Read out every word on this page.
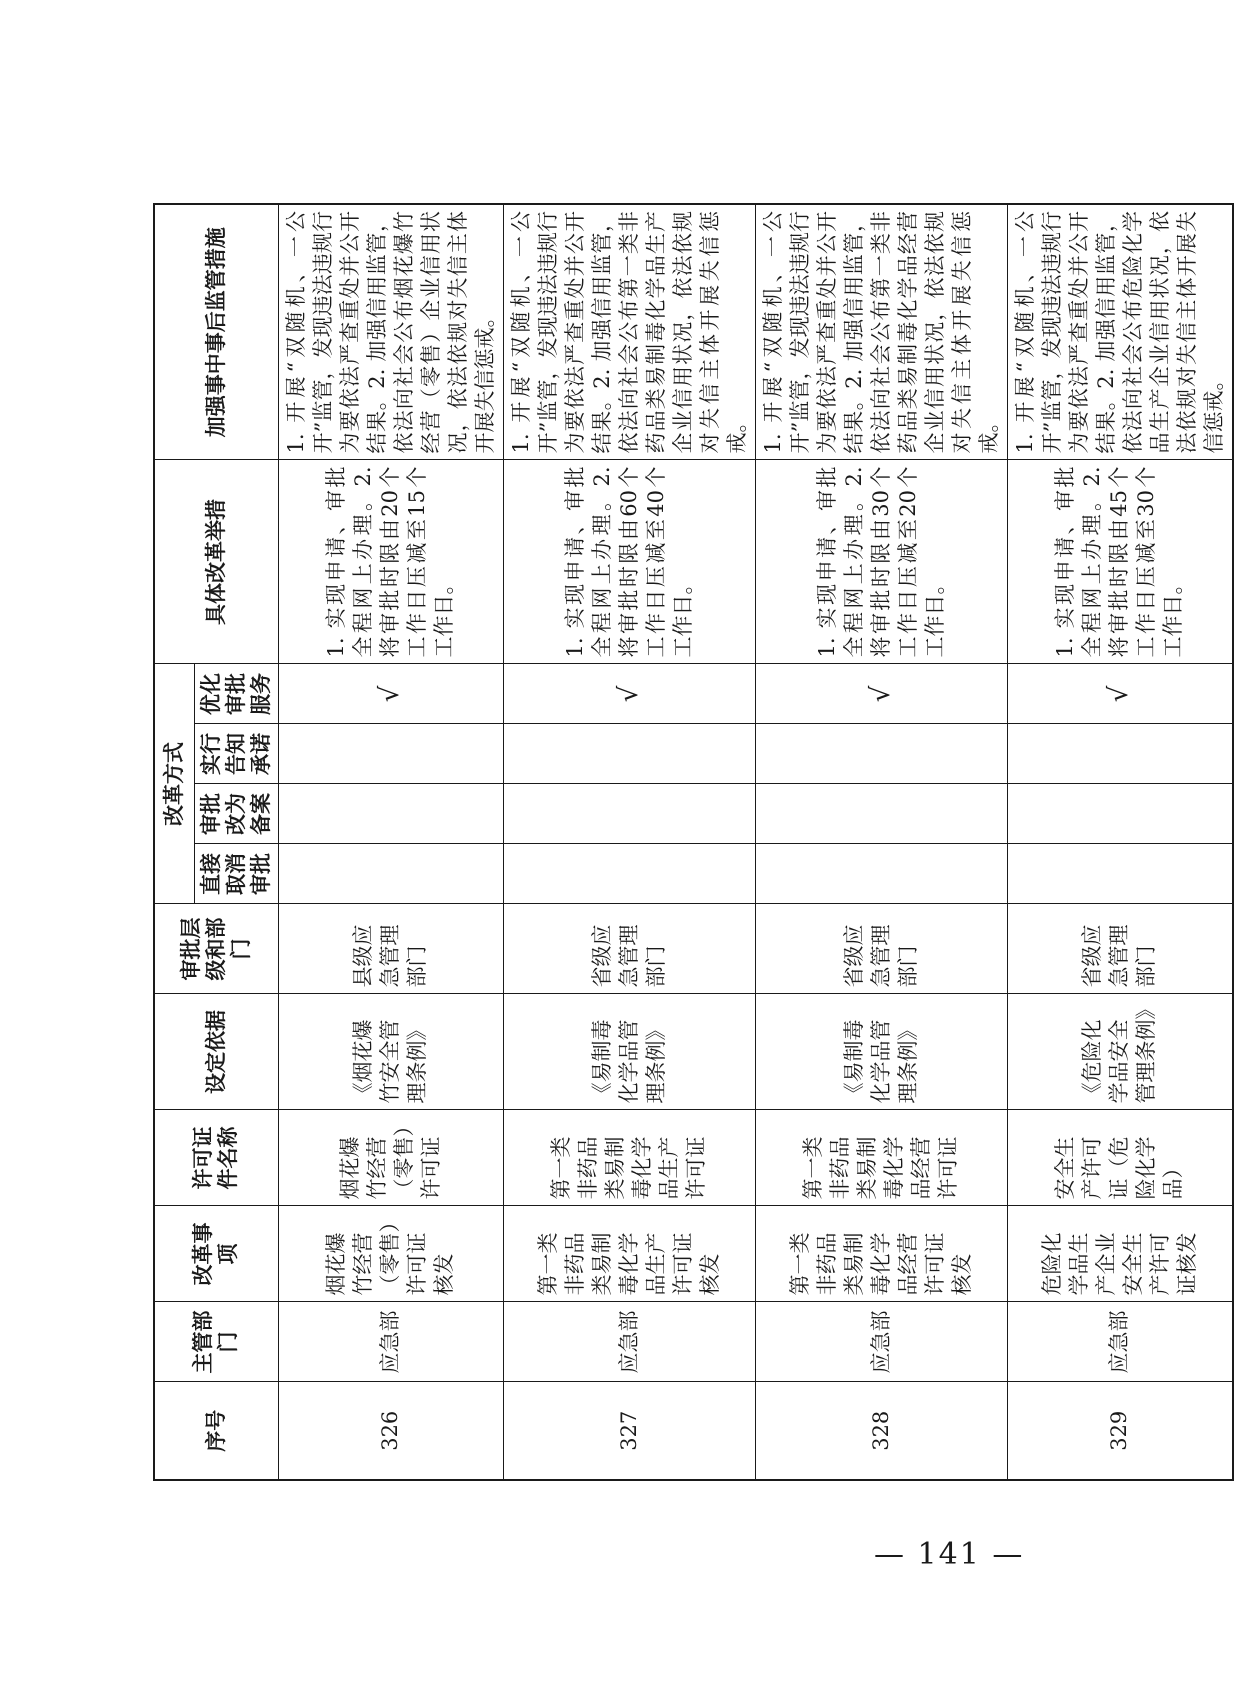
序号	主管部门	改革事项	许可证件名称	设定依据	审批层级和部门	改革方式				具体改革举措	加强事中事后监管措施
						直接取消审批	审批改为备案	实行告知承诺	优化审批服务		
326	应急部	烟花爆竹经营（零售）许可证核发	烟花爆竹经营（零售）许可证	《烟花爆竹安全管理条例》	县级应急管理部门				√	1. 实现申请、审批全程网上办理。2. 将审批时限由20个工作日压减至15个工作日。	1. 开展“双随机、一公开”监管，发现违法违规行为要依法严查重处并公开结果。2. 加强信用监管，依法向社会公布烟花爆竹经营（零售）企业信用状况，依法依规对失信主体开展失信惩戒。
327	应急部	第一类非药品类易制毒化学品生产许可证核发	第一类非药品类易制毒化学品生产许可证	《易制毒化学品管理条例》	省级应急管理部门				√	1. 实现申请、审批全程网上办理。2. 将审批时限由60个工作日压减至40个工作日。	1. 开展“双随机、一公开”监管，发现违法违规行为要依法严查重处并公开结果。2. 加强信用监管，依法向社会公布第一类非药品类易制毒化学品生产企业信用状况，依法依规对失信主体开展失信惩戒。
328	应急部	第一类非药品类易制毒化学品经营许可证核发	第一类非药品类易制毒化学品经营许可证	《易制毒化学品管理条例》	省级应急管理部门				√	1. 实现申请、审批全程网上办理。2. 将审批时限由30个工作日压减至20个工作日。	1. 开展“双随机、一公开”监管，发现违法违规行为要依法严查重处并公开结果。2. 加强信用监管，依法向社会公布第一类非药品类易制毒化学品经营企业信用状况，依法依规对失信主体开展失信惩戒。
329	应急部	危险化学品生产企业安全生产许可证核发	安全生产许可证（危险化学品）	《危险化学品安全管理条例》	省级应急管理部门				√	1. 实现申请、审批全程网上办理。2. 将审批时限由45个工作日压减至30个工作日。	1. 开展“双随机、一公开”监管，发现违法违规行为要依法严查重处并公开结果。2. 加强信用监管，依法向社会公布危险化学品生产企业信用状况，依法依规对失信主体开展失信惩戒。
— 141 —
